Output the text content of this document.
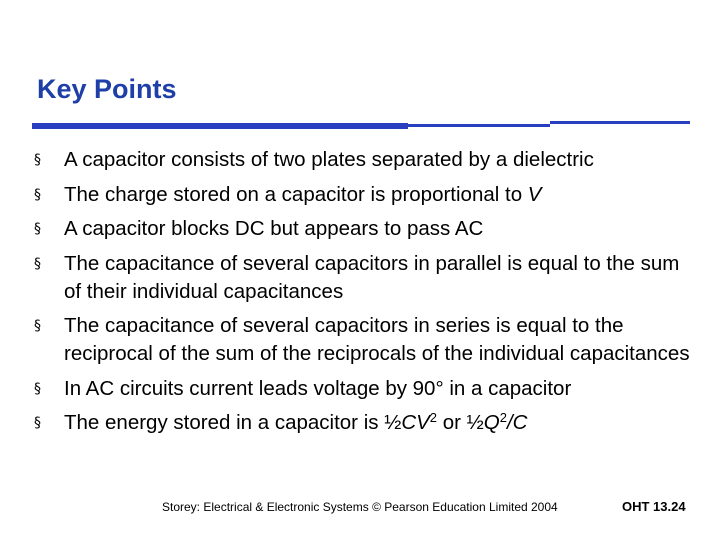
Key Points
§ A capacitor consists of two plates separated by a dielectric
§ The charge stored on a capacitor is proportional to V
§ A capacitor blocks DC but appears to pass AC
§ The capacitance of several capacitors in parallel is equal to the sum of their individual capacitances
§ The capacitance of several capacitors in series is equal to the reciprocal of the sum of the reciprocals of the individual capacitances
§ In AC circuits current leads voltage by 90° in a capacitor
§ The energy stored in a capacitor is $\frac{1}{2}CV^2$ or $\frac{1}{2}Q^2/C$
Storey: Electrical & Electronic Systems © Pearson Education Limited 2004	OHT 13.24
